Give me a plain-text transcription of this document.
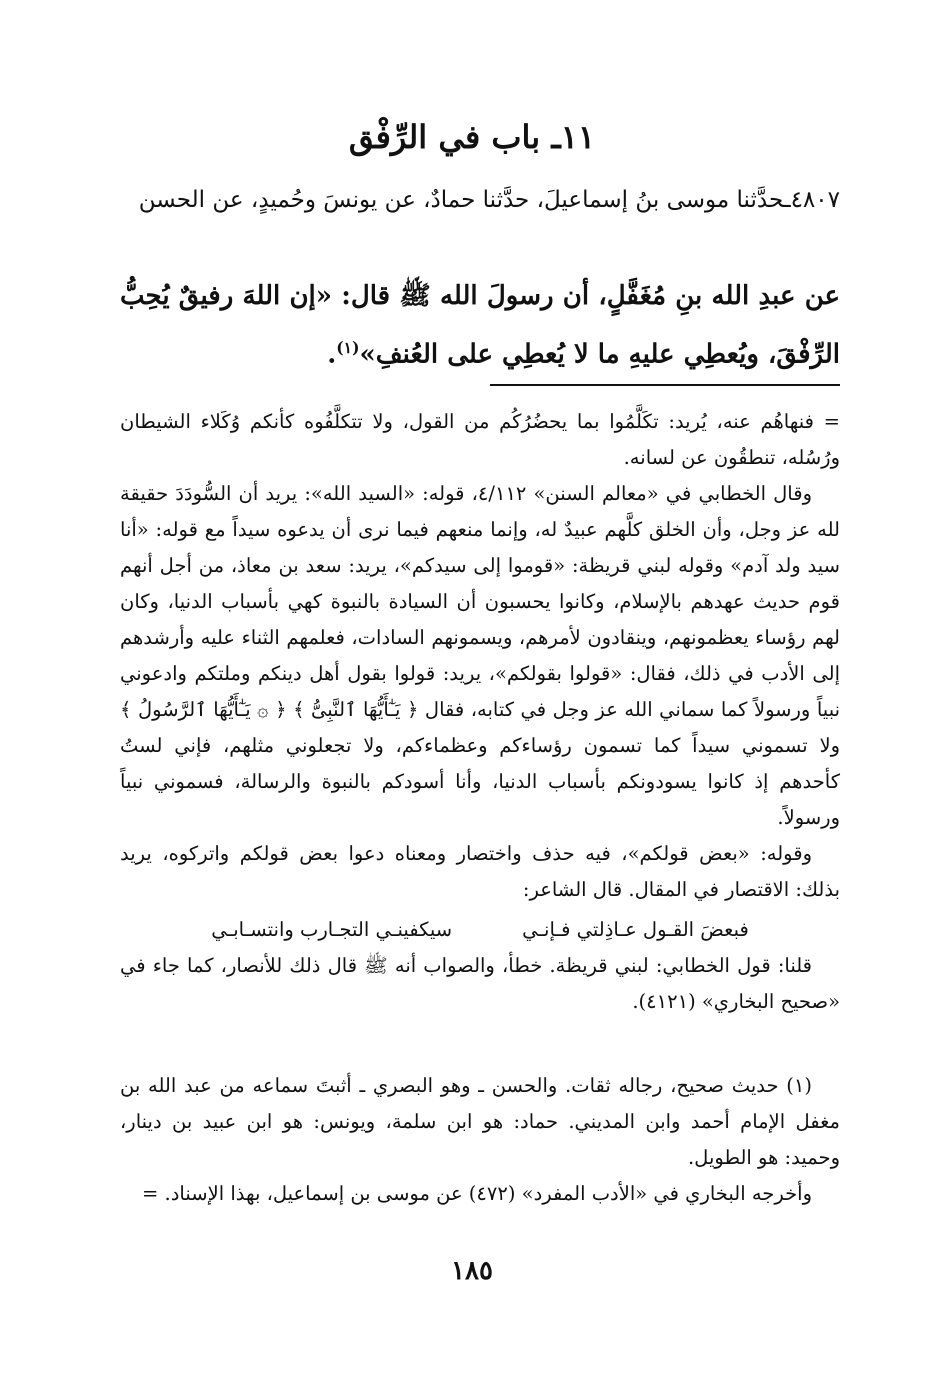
١١ـ باب في الرِّفْق
٤٨٠٧ـحدَّثنا موسى بنُ إسماعيلَ، حدَّثنا حمادٌ، عن يونسَ وحُميدٍ، عن الحسن
عن عبدِ الله بنِ مُغَفَّلٍ، أن رسولَ الله ﷺ قال: «إن اللهَ رفيقٌ يُحِبُّ الرِّفْقَ، ويُعطِي عليهِ ما لا يُعطِي على العُنفِ»$^{(١)}$.

= فنهاهُم عنه، يُريد: تكَلَّمُوا بما يحضُرُكُم من القول، ولا تتكلَّفُوه كأنكم وُكَلاء الشيطان ورُسُله، تنطقُون عن لسانه.

وقال الخطابي في «معالم السنن» ٤/١١٢، قوله: «السيد الله»: يريد أن السُّودَدَ حقيقة لله عز وجل، وأن الخلق كلَّهم عبيدٌ له، وإنما منعهم فيما نرى أن يدعوه سيداً مع قوله: «أنا سيد ولد آدم» وقوله لبني قريظة: «قوموا إلى سيدكم»، يريد: سعد بن معاذ، من أجل أنهم قوم حديث عهدهم بالإسلام، وكانوا يحسبون أن السيادة بالنبوة كهي بأسباب الدنيا، وكان لهم رؤساء يعظمونهم، وينقادون لأمرهم، ويسمونهم السادات، فعلمهم الثناء عليه وأرشدهم إلى الأدب في ذلك، فقال: «قولوا بقولكم»، يريد: قولوا بقول أهل دينكم وملتكم وادعوني نبياً ورسولاً كما سماني الله عز وجل في كتابه، فقال ﴿ يَـٰٓأَيُّهَا ٱلنَّبِىُّ ﴾ ﴿ ۞ يَـٰٓأَيُّهَا ٱلرَّسُولُ ﴾ ولا تسموني سيداً كما تسمون رؤساءكم وعظماءكم، ولا تجعلوني مثلهم، فإني لستُ كأحدهم إذ كانوا يسودونكم بأسباب الدنيا، وأنا أسودكم بالنبوة والرسالة، فسموني نبياً ورسولاً.

وقوله: «بعض قولكم»، فيه حذف واختصار ومعناه دعوا بعض قولكم واتركوه، يريد بذلك: الاقتصار في المقال. قال الشاعر:

فبعضَ القـول عـاذِلتي فـإنـي
سيكفينـي التجـارب وانتسـابـي

قلنا: قول الخطابي: لبني قريظة. خطأ، والصواب أنه ﷺ قال ذلك للأنصار، كما جاء في «صحيح البخاري» (٤١٢١).

(١) حديث صحيح، رجاله ثقات. والحسن ـ وهو البصري ـ أثبتَ سماعه من عبد الله بن مغفل الإمام أحمد وابن المديني. حماد: هو ابن سلمة، ويونس: هو ابن عبيد بن دينار، وحميد: هو الطويل.

وأخرجه البخاري في «الأدب المفرد» (٤٧٢) عن موسى بن إسماعيل، بهذا الإسناد. =

١٨٥
